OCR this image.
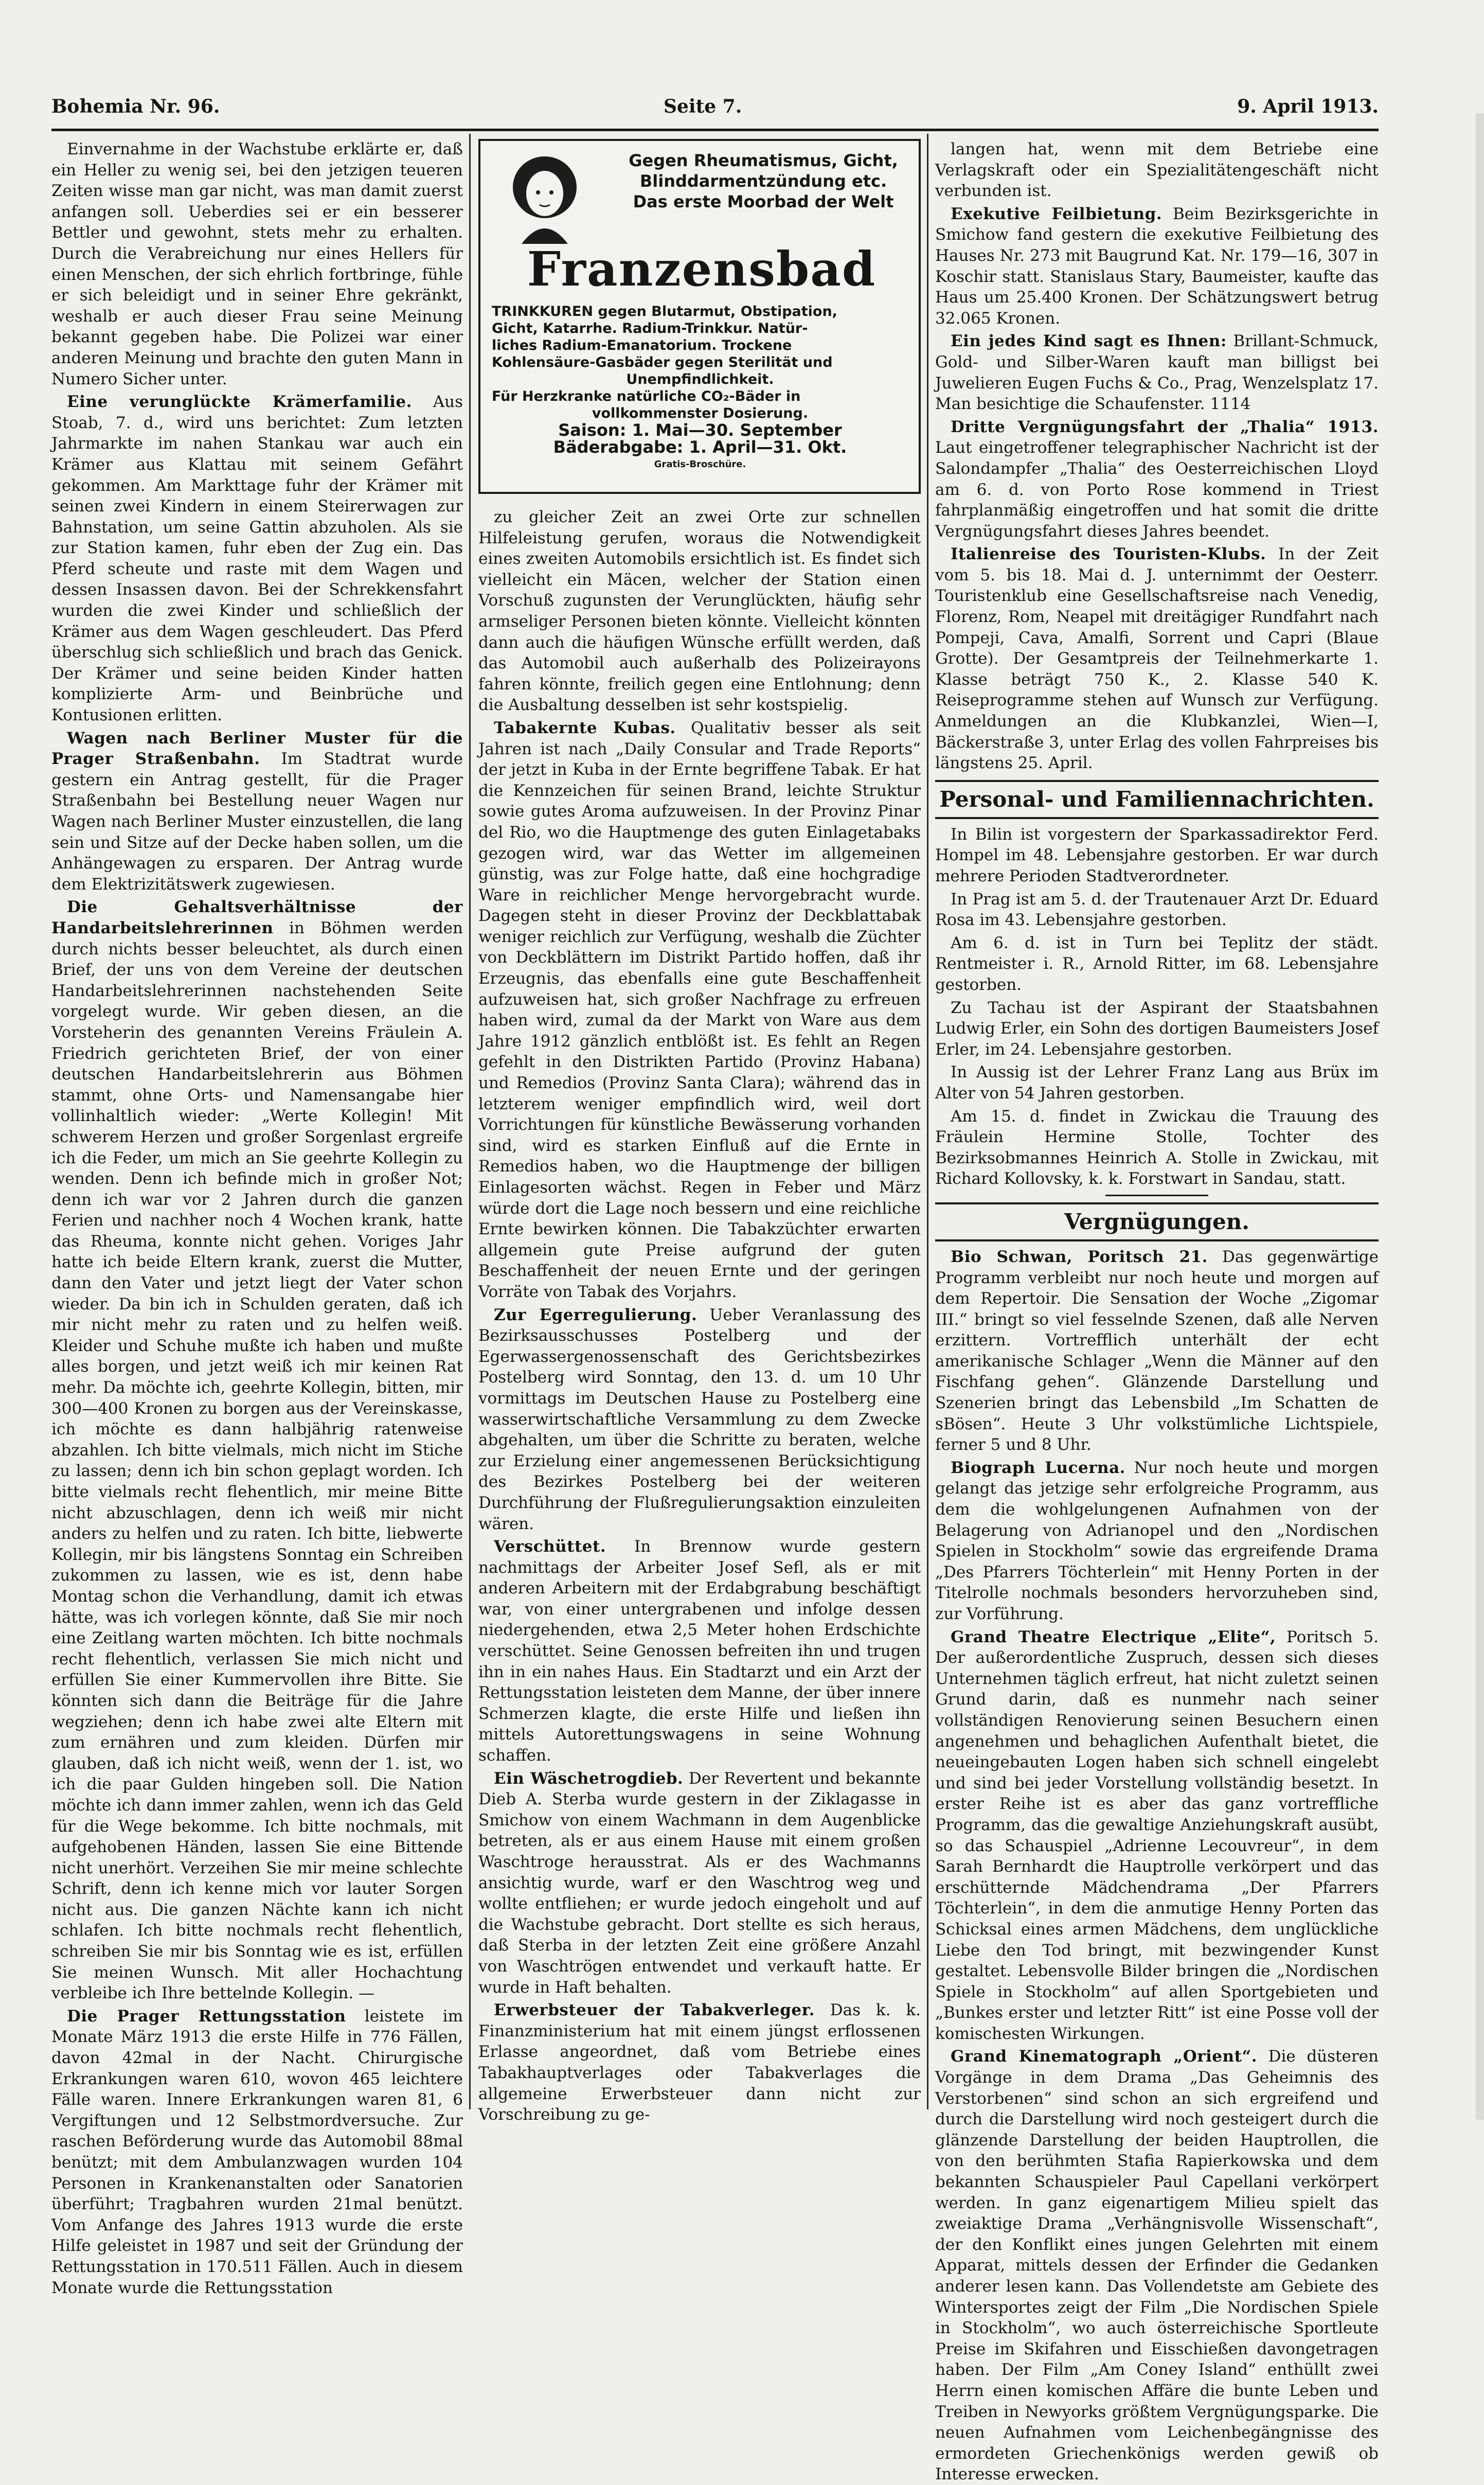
Bohemia Nr. 96.	Seite 7.	9. April 1913.

Einvernahme in der Wachstube erklärte er, daß ein Heller zu wenig sei, bei den jetzigen teueren Zeiten wisse man gar nicht, was man damit zuerst anfangen soll. Ueberdies sei er ein besserer Bettler und gewohnt, stets mehr zu erhalten. Durch die Verabreichung nur eines Hellers für einen Menschen, der sich ehrlich fortbringe, fühle er sich beleidigt und in seiner Ehre gekränkt, weshalb er auch dieser Frau seine Meinung bekannt gegeben habe. Die Polizei war einer anderen Meinung und brachte den guten Mann in Numero Sicher unter.

Eine verunglückte Krämerfamilie. Aus Stoab, 7. d., wird uns berichtet: Zum letzten Jahrmarkte im nahen Stankau war auch ein Krämer aus Klattau mit seinem Gefährt gekommen. Am Markttage fuhr der Krämer mit seinen zwei Kindern in einem Steirerwagen zur Bahnstation, um seine Gattin abzuholen. Als sie zur Station kamen, fuhr eben der Zug ein. Das Pferd scheute und raste mit dem Wagen und dessen Insassen davon. Bei der Schrekkensfahrt wurden die zwei Kinder und schließlich der Krämer aus dem Wagen geschleudert. Das Pferd überschlug sich schließlich und brach das Genick. Der Krämer und seine beiden Kinder hatten komplizierte Arm- und Beinbrüche und Kontusionen erlitten.

Wagen nach Berliner Muster für die Prager Straßenbahn. Im Stadtrat wurde gestern ein Antrag gestellt, für die Prager Straßenbahn bei Bestellung neuer Wagen nur Wagen nach Berliner Muster einzustellen, die lang sein und Sitze auf der Decke haben sollen, um die Anhängewagen zu ersparen. Der Antrag wurde dem Elektrizitätswerk zugewiesen.

Die Gehaltsverhältnisse der Handarbeitslehrerinnen in Böhmen werden durch nichts besser beleuchtet, als durch einen Brief, der uns von dem Vereine der deutschen Handarbeitslehrerinnen nachstehenden Seite vorgelegt wurde. Wir geben diesen, an die Vorsteherin des genannten Vereins Fräulein A. Friedrich gerichteten Brief, der von einer deutschen Handarbeitslehrerin aus Böhmen stammt, ohne Orts- und Namensangabe hier vollinhaltlich wieder: „Werte Kollegin! Mit schwerem Herzen und großer Sorgenlast ergreife ich die Feder, um mich an Sie geehrte Kollegin zu wenden. Denn ich befinde mich in großer Not; denn ich war vor 2 Jahren durch die ganzen Ferien und nachher noch 4 Wochen krank, hatte das Rheuma, konnte nicht gehen. Voriges Jahr hatte ich beide Eltern krank, zuerst die Mutter, dann den Vater und jetzt liegt der Vater schon wieder. Da bin ich in Schulden geraten, daß ich mir nicht mehr zu raten und zu helfen weiß. Kleider und Schuhe mußte ich haben und mußte alles borgen, und jetzt weiß ich mir keinen Rat mehr. Da möchte ich, geehrte Kollegin, bitten, mir 300—400 Kronen zu borgen aus der Vereinskasse, ich möchte es dann halbjährig ratenweise abzahlen. Ich bitte vielmals, mich nicht im Stiche zu lassen; denn ich bin schon geplagt worden. Ich bitte vielmals recht flehentlich, mir meine Bitte nicht abzuschlagen, denn ich weiß mir nicht anders zu helfen und zu raten. Ich bitte, liebwerte Kollegin, mir bis längstens Sonntag ein Schreiben zukommen zu lassen, wie es ist, denn habe Montag schon die Verhandlung, damit ich etwas hätte, was ich vorlegen könnte, daß Sie mir noch eine Zeitlang warten möchten. Ich bitte nochmals recht flehentlich, verlassen Sie mich nicht und erfüllen Sie einer Kummervollen ihre Bitte. Sie könnten sich dann die Beiträge für die Jahre wegziehen; denn ich habe zwei alte Eltern mit zum ernähren und zum kleiden. Dürfen mir glauben, daß ich nicht weiß, wenn der 1. ist, wo ich die paar Gulden hingeben soll. Die Nation möchte ich dann immer zahlen, wenn ich das Geld für die Wege bekomme. Ich bitte nochmals, mit aufgehobenen Händen, lassen Sie eine Bittende nicht unerhört. Verzeihen Sie mir meine schlechte Schrift, denn ich kenne mich vor lauter Sorgen nicht aus. Die ganzen Nächte kann ich nicht schlafen. Ich bitte nochmals recht flehentlich, schreiben Sie mir bis Sonntag wie es ist, erfüllen Sie meinen Wunsch. Mit aller Hochachtung verbleibe ich Ihre bettelnde Kollegin. —

Die Prager Rettungsstation leistete im Monate März 1913 die erste Hilfe in 776 Fällen, davon 42mal in der Nacht. Chirurgische Erkrankungen waren 610, wovon 465 leichtere Fälle waren. Innere Erkrankungen waren 81, 6 Vergiftungen und 12 Selbstmordversuche. Zur raschen Beförderung wurde das Automobil 88mal benützt; mit dem Ambulanzwagen wurden 104 Personen in Krankenanstalten oder Sanatorien überführt; Tragbahren wurden 21mal benützt. Vom Anfange des Jahres 1913 wurde die erste Hilfe geleistet in 1987 und seit der Gründung der Rettungsstation in 170.511 Fällen. Auch in diesem Monate wurde die Rettungsstation

Gegen Rheumatismus, Gicht,
Blinddarmentzündung etc.
Das erste Moorbad der Welt
Franzensbad
TRINKKUREN gegen Blutarmut, Obstipation,
Gicht, Katarrhe. Radium-Trinkkur. Natür-
liches Radium-Emanatorium. Trockene
Kohlensäure-Gasbäder gegen Sterilität und
Unempfindlichkeit.
Für Herzkranke natürliche CO₂-Bäder in
vollkommenster Dosierung.
Saison: 1. Mai—30. September
Bäderabgabe: 1. April—31. Okt.
Gratis-Broschüre.

zu gleicher Zeit an zwei Orte zur schnellen Hilfeleistung gerufen, woraus die Notwendigkeit eines zweiten Automobils ersichtlich ist. Es findet sich vielleicht ein Mäcen, welcher der Station einen Vorschuß zugunsten der Verunglückten, häufig sehr armseliger Personen bieten könnte. Vielleicht könnten dann auch die häufigen Wünsche erfüllt werden, daß das Automobil auch außerhalb des Polizeirayons fahren könnte, freilich gegen eine Entlohnung; denn die Ausbaltung desselben ist sehr kostspielig.

Tabakernte Kubas. Qualitativ besser als seit Jahren ist nach „Daily Consular and Trade Reports“ der jetzt in Kuba in der Ernte begriffene Tabak. Er hat die Kennzeichen für seinen Brand, leichte Struktur sowie gutes Aroma aufzuweisen. In der Provinz Pinar del Rio, wo die Hauptmenge des guten Einlagetabaks gezogen wird, war das Wetter im allgemeinen günstig, was zur Folge hatte, daß eine hochgradige Ware in reichlicher Menge hervorgebracht wurde. Dagegen steht in dieser Provinz der Deckblattabak weniger reichlich zur Verfügung, weshalb die Züchter von Deckblättern im Distrikt Partido hoffen, daß ihr Erzeugnis, das ebenfalls eine gute Beschaffenheit aufzuweisen hat, sich großer Nachfrage zu erfreuen haben wird, zumal da der Markt von Ware aus dem Jahre 1912 gänzlich entblößt ist. Es fehlt an Regen gefehlt in den Distrikten Partido (Provinz Habana) und Remedios (Provinz Santa Clara); während das in letzterem weniger empfindlich wird, weil dort Vorrichtungen für künstliche Bewässerung vorhanden sind, wird es starken Einfluß auf die Ernte in Remedios haben, wo die Hauptmenge der billigen Einlagesorten wächst. Regen in Feber und März würde dort die Lage noch bessern und eine reichliche Ernte bewirken können. Die Tabakzüchter erwarten allgemein gute Preise aufgrund der guten Beschaffenheit der neuen Ernte und der geringen Vorräte von Tabak des Vorjahrs.

Zur Egerregulierung. Ueber Veranlassung des Bezirksausschusses Postelberg und der Egerwassergenossenschaft des Gerichtsbezirkes Postelberg wird Sonntag, den 13. d. um 10 Uhr vormittags im Deutschen Hause zu Postelberg eine wasserwirtschaftliche Versammlung zu dem Zwecke abgehalten, um über die Schritte zu beraten, welche zur Erzielung einer angemessenen Berücksichtigung des Bezirkes Postelberg bei der weiteren Durchführung der Flußregulierungsaktion einzuleiten wären.

Verschüttet. In Brennow wurde gestern nachmittags der Arbeiter Josef Sefl, als er mit anderen Arbeitern mit der Erdabgrabung beschäftigt war, von einer untergrabenen und infolge dessen niedergehenden, etwa 2,5 Meter hohen Erdschichte verschüttet. Seine Genossen befreiten ihn und trugen ihn in ein nahes Haus. Ein Stadtarzt und ein Arzt der Rettungsstation leisteten dem Manne, der über innere Schmerzen klagte, die erste Hilfe und ließen ihn mittels Autorettungswagens in seine Wohnung schaffen.

Ein Wäschetrogdieb. Der Revertent und bekannte Dieb A. Sterba wurde gestern in der Ziklagasse in Smichow von einem Wachmann in dem Augenblicke betreten, als er aus einem Hause mit einem großen Waschtroge herausstrat. Als er des Wachmanns ansichtig wurde, warf er den Waschtrog weg und wollte entfliehen; er wurde jedoch eingeholt und auf die Wachstube gebracht. Dort stellte es sich heraus, daß Sterba in der letzten Zeit eine größere Anzahl von Waschtrögen entwendet und verkauft hatte. Er wurde in Haft behalten.

Erwerbsteuer der Tabakverleger. Das k. k. Finanzministerium hat mit einem jüngst erflossenen Erlasse angeordnet, daß vom Betriebe eines Tabakhauptverlages oder Tabakverlages die allgemeine Erwerbsteuer dann nicht zur Vorschreibung zu ge-

langen hat, wenn mit dem Betriebe eine Verlagskraft oder ein Spezialitätengeschäft nicht verbunden ist.

Exekutive Feilbietung. Beim Bezirksgerichte in Smichow fand gestern die exekutive Feilbietung des Hauses Nr. 273 mit Baugrund Kat. Nr. 179—16, 307 in Koschir statt. Stanislaus Stary, Baumeister, kaufte das Haus um 25.400 Kronen. Der Schätzungswert betrug 32.065 Kronen.

Ein jedes Kind sagt es Ihnen: Brillant-Schmuck, Gold- und Silber-Waren kauft man billigst bei Juwelieren Eugen Fuchs & Co., Prag, Wenzelsplatz 17. Man besichtige die Schaufenster. 1114

Dritte Vergnügungsfahrt der „Thalia“ 1913. Laut eingetroffener telegraphischer Nachricht ist der Salondampfer „Thalia“ des Oesterreichischen Lloyd am 6. d. von Porto Rose kommend in Triest fahrplanmäßig eingetroffen und hat somit die dritte Vergnügungsfahrt dieses Jahres beendet.

Italienreise des Touristen-Klubs. In der Zeit vom 5. bis 18. Mai d. J. unternimmt der Oesterr. Touristenklub eine Gesellschaftsreise nach Venedig, Florenz, Rom, Neapel mit dreitägiger Rundfahrt nach Pompeji, Cava, Amalfi, Sorrent und Capri (Blaue Grotte). Der Gesamtpreis der Teilnehmerkarte 1. Klasse beträgt 750 K., 2. Klasse 540 K. Reiseprogramme stehen auf Wunsch zur Verfügung. Anmeldungen an die Klubkanzlei, Wien—I, Bäckerstraße 3, unter Erlag des vollen Fahrpreises bis längstens 25. April.

Personal- und Familiennachrichten.

In Bilin ist vorgestern der Sparkassadirektor Ferd. Hompel im 48. Lebensjahre gestorben. Er war durch mehrere Perioden Stadtverordneter.

In Prag ist am 5. d. der Trautenauer Arzt Dr. Eduard Rosa im 43. Lebensjahre gestorben.

Am 6. d. ist in Turn bei Teplitz der städt. Rentmeister i. R., Arnold Ritter, im 68. Lebensjahre gestorben.

Zu Tachau ist der Aspirant der Staatsbahnen Ludwig Erler, ein Sohn des dortigen Baumeisters Josef Erler, im 24. Lebensjahre gestorben.

In Aussig ist der Lehrer Franz Lang aus Brüx im Alter von 54 Jahren gestorben.

Am 15. d. findet in Zwickau die Trauung des Fräulein Hermine Stolle, Tochter des Bezirksobmannes Heinrich A. Stolle in Zwickau, mit Richard Kollovsky, k. k. Forstwart in Sandau, statt.

Vergnügungen.

Bio Schwan, Poritsch 21. Das gegenwärtige Programm verbleibt nur noch heute und morgen auf dem Repertoir. Die Sensation der Woche „Zigomar III.“ bringt so viel fesselnde Szenen, daß alle Nerven erzittern. Vortrefflich unterhält der echt amerikanische Schlager „Wenn die Männer auf den Fischfang gehen“. Glänzende Darstellung und Szenerien bringt das Lebensbild „Im Schatten de sBösen“. Heute 3 Uhr volkstümliche Lichtspiele, ferner 5 und 8 Uhr.

Biograph Lucerna. Nur noch heute und morgen gelangt das jetzige sehr erfolgreiche Programm, aus dem die wohlgelungenen Aufnahmen von der Belagerung von Adrianopel und den „Nordischen Spielen in Stockholm“ sowie das ergreifende Drama „Des Pfarrers Töchterlein“ mit Henny Porten in der Titelrolle nochmals besonders hervorzuheben sind, zur Vorführung.

Grand Theatre Electrique „Elite“, Poritsch 5. Der außerordentliche Zuspruch, dessen sich dieses Unternehmen täglich erfreut, hat nicht zuletzt seinen Grund darin, daß es nunmehr nach seiner vollständigen Renovierung seinen Besuchern einen angenehmen und behaglichen Aufenthalt bietet, die neueingebauten Logen haben sich schnell eingelebt und sind bei jeder Vorstellung vollständig besetzt. In erster Reihe ist es aber das ganz vortreffliche Programm, das die gewaltige Anziehungskraft ausübt, so das Schauspiel „Adrienne Lecouvreur“, in dem Sarah Bernhardt die Hauptrolle verkörpert und das erschütternde Mädchendrama „Der Pfarrers Töchterlein“, in dem die anmutige Henny Porten das Schicksal eines armen Mädchens, dem unglückliche Liebe den Tod bringt, mit bezwingender Kunst gestaltet. Lebensvolle Bilder bringen die „Nordischen Spiele in Stockholm“ auf allen Sportgebieten und „Bunkes erster und letzter Ritt“ ist eine Posse voll der komischesten Wirkungen.

Grand Kinematograph „Orient“. Die düsteren Vorgänge in dem Drama „Das Geheimnis des Verstorbenen“ sind schon an sich ergreifend und durch die Darstellung wird noch gesteigert durch die glänzende Darstellung der beiden Hauptrollen, die von den berühmten Stafia Rapierkowska und dem bekannten Schauspieler Paul Capellani verkörpert werden. In ganz eigenartigem Milieu spielt das zweiaktige Drama „Verhängnisvolle Wissenschaft“, der den Konflikt eines jungen Gelehrten mit einem Apparat, mittels dessen der Erfinder die Gedanken anderer lesen kann. Das Vollendetste am Gebiete des Wintersportes zeigt der Film „Die Nordischen Spiele in Stockholm“, wo auch österreichische Sportleute Preise im Skifahren und Eisschießen davongetragen haben. Der Film „Am Coney Island“ enthüllt zwei Herrn einen komischen Affäre die bunte Leben und Treiben in Newyorks größtem Vergnügungsparke. Die neuen Aufnahmen vom Leichenbegängnisse des ermordeten Griechenkönigs werden gewiß ob Interesse erwecken.
